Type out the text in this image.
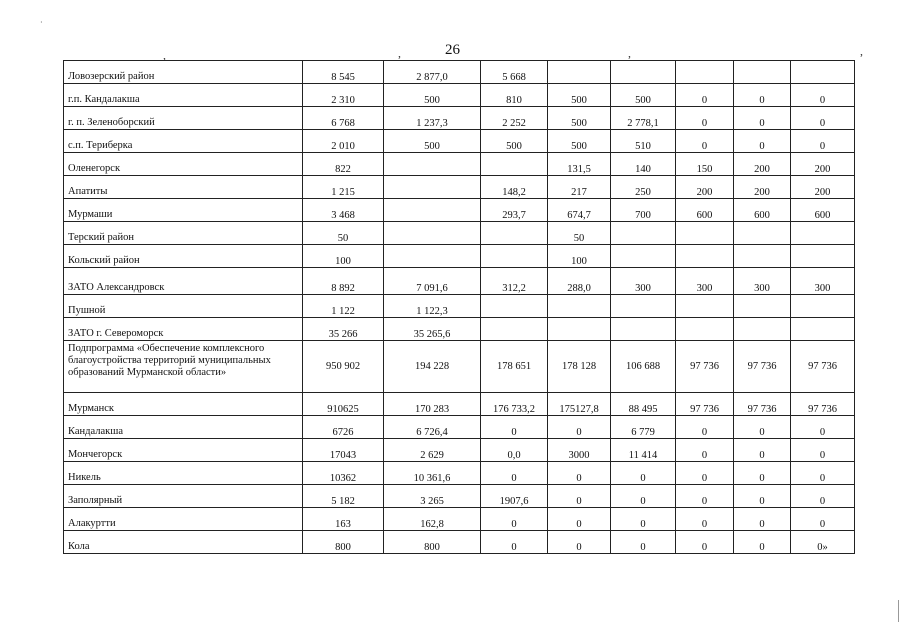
·
,	,	,	,
26
Ловозерский район	8 545	2 877,0	5 668					
г.п. Кандалакша	2 310	500	810	500	500	0	0	0
г. п. Зеленоборский	6 768	1 237,3	2 252	500	2 778,1	0	0	0
с.п. Териберка	2 010	500	500	500	510	0	0	0
Оленегорск	822			131,5	140	150	200	200
Апатиты	1 215		148,2	217	250	200	200	200
Мурмаши	3 468		293,7	674,7	700	600	600	600
Терский район	50			50				
Кольский район	100			100				
ЗАТО Александровск	8 892	7 091,6	312,2	288,0	300	300	300	300
Пушной	1 122	1 122,3						
ЗАТО г. Североморск	35 266	35 265,6						
Подпрограмма «Обеспечение комплексного благоустройства территорий муниципальных образований Мурманской области»	950 902	194 228	178 651	178 128	106 688	97 736	97 736	97 736
Мурманск	910625	170 283	176 733,2	175127,8	88 495	97 736	97 736	97 736
Кандалакша	6726	6 726,4	0	0	6 779	0	0	0
Мончегорск	17043	2 629	0,0	3000	11 414	0	0	0
Никель	10362	10 361,6	0	0	0	0	0	0
Заполярный	5 182	3 265	1907,6	0	0	0	0	0
Алакуртти	163	162,8	0	0	0	0	0	0
Кола	800	800	0	0	0	0	0	0»
